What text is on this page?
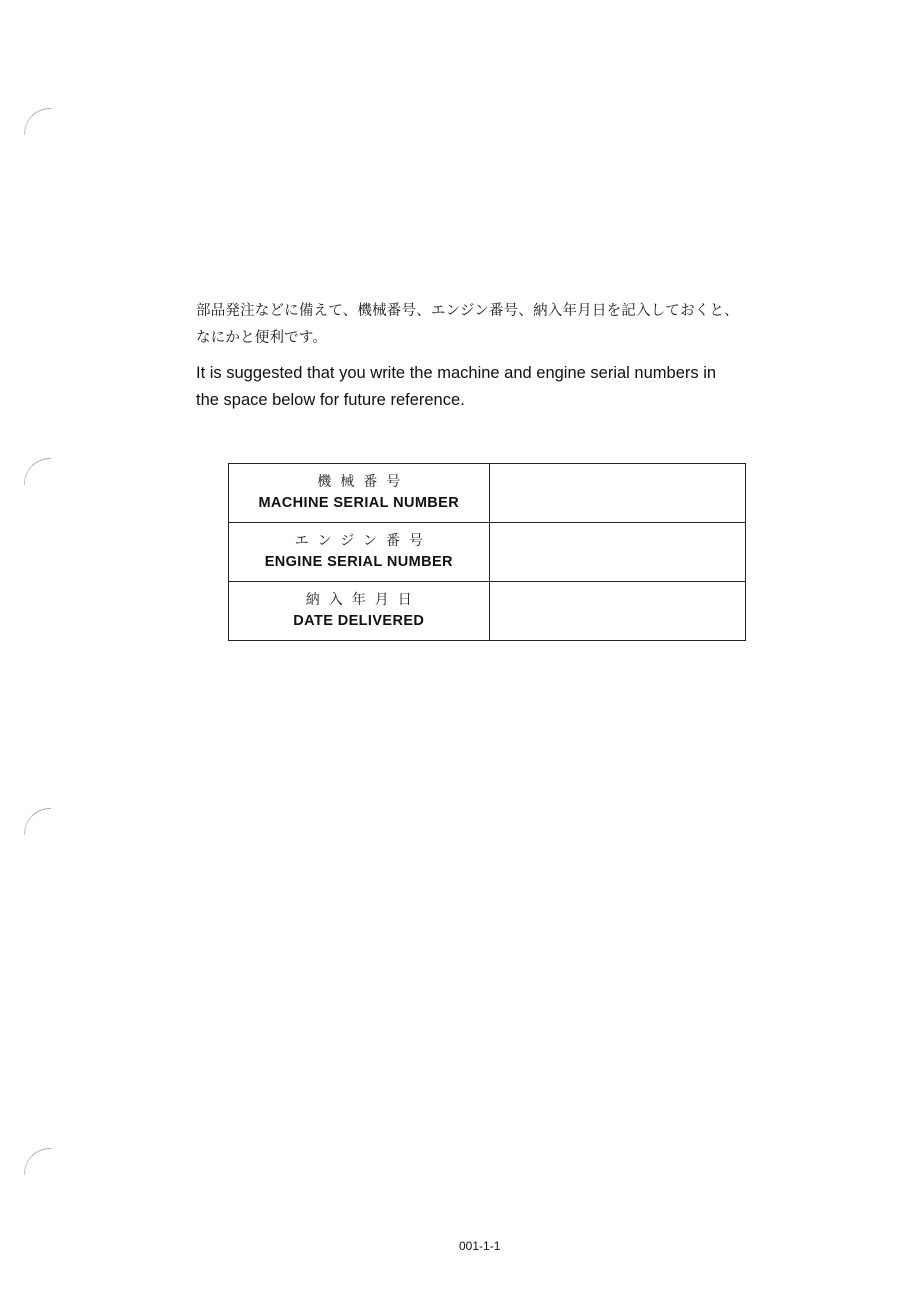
部品発注などに備えて、機械番号、エンジン番号、納入年月日を記入しておくと、
なにかと便利です。
It is suggested that you write the machine and engine serial numbers in
the space below for future reference.
機械番号
MACHINE SERIAL NUMBER	

エンジン番号
ENGINE SERIAL NUMBER	

納入年月日
DATE DELIVERED	

001-1-1
